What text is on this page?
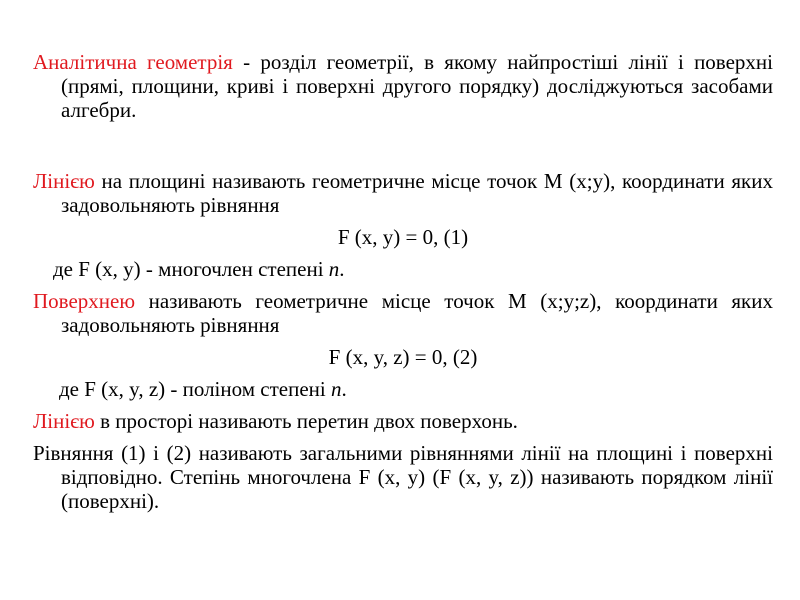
Аналітична геометрія - розділ геометрії, в якому найпростіші лінії і поверхні (прямі, площини, криві і поверхні другого порядку) досліджуються засобами алгебри.

Лінією на площині називають геометричне місце точок М (x;y), координати яких задовольняють рівняння

F (x, y) = 0, (1)

де F (x, y) - многочлен степені n.

Поверхнею називають геометричне місце точок М (x;y;z), координати яких задовольняють рівняння

F (x, y, z) = 0, (2)

де F (x, y, z) - поліном степені n.

Лінією в просторі називають перетин двох поверхонь.

Рівняння (1) і (2) називають загальними рівняннями лінії на площині і поверхні відповідно. Степінь многочлена F (x, y) (F (x, y, z)) називають порядком лінії (поверхні).
